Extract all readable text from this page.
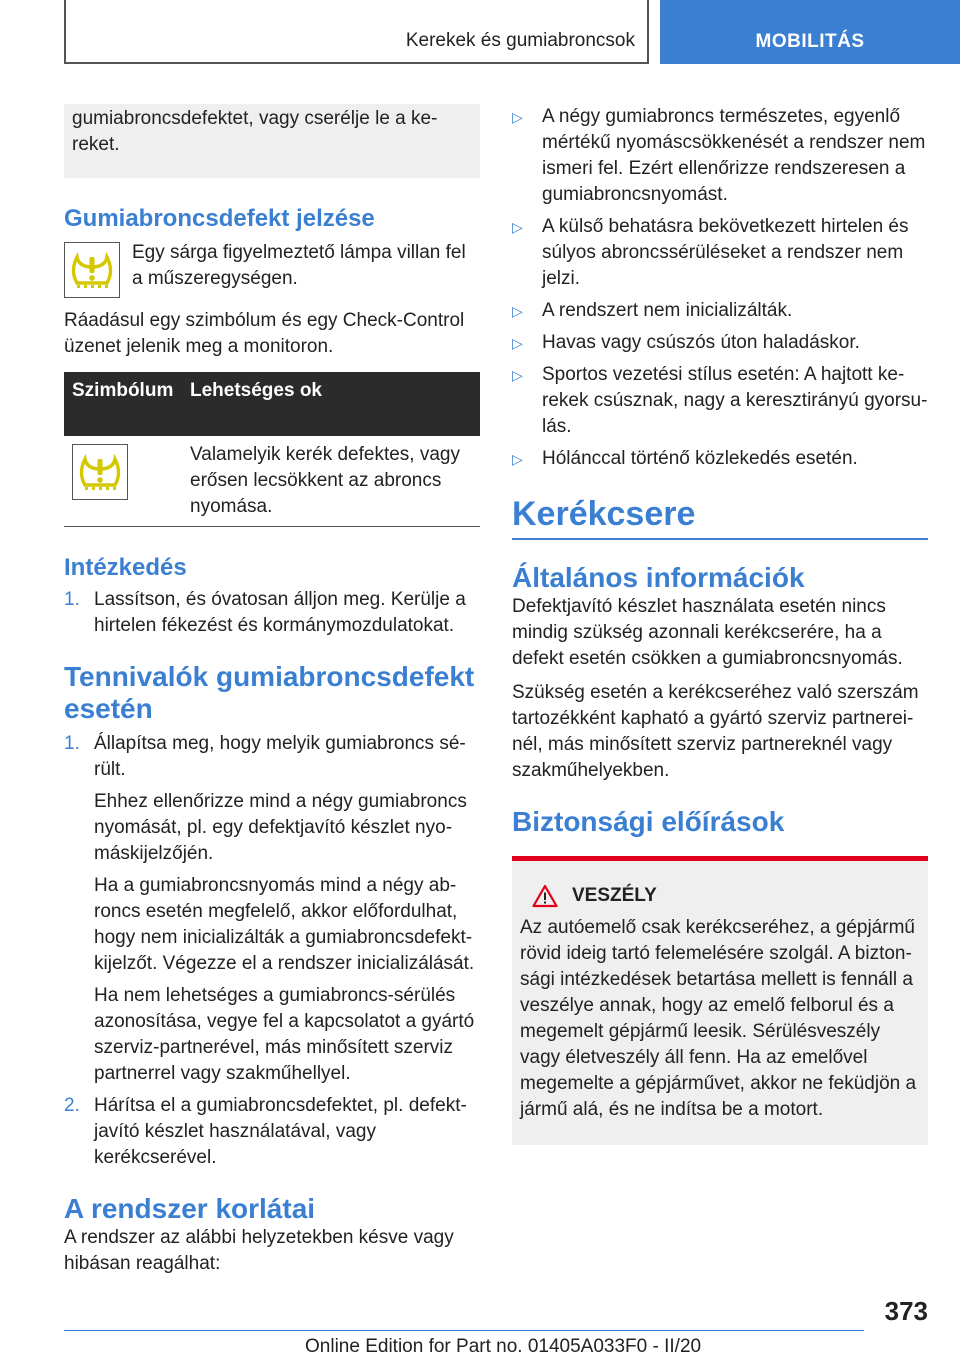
Kerekek és gumiabroncsok	MOBILITÁS

gumiabroncsdefektet, vagy cserélje le a kereket.

Gumiabroncsdefekt jelzése

Egy sárga figyelmeztető lámpa villan fel a műszeregységen.

Ráadásul egy szimbólum és egy Check-Control üzenet jelenik meg a monitoron.

Szimbólum	Lehetséges ok

	Valamelyik kerék defektes, vagy erősen lecsökkent az abroncs nyomása.
Intézkedés
1. Lassítson, és óvatosan álljon meg. Kerülje a hirtelen fékezést és kormánymozdulatokat.

Tennivalók gumiabroncsdefekt esetén
1. Állapítsa meg, hogy melyik gumiabroncs sérült.

Ehhez ellenőrizze mind a négy gumiabroncs nyomását, pl. egy defektjavító készlet nyomáskijelzőjén.

Ha a gumiabroncsnyomás mind a négy abroncs esetén megfelelő, akkor előfordulhat, hogy nem inicializálták a gumiabroncsdefektkijelzőt. Végezze el a rendszer inicializálását.

Ha nem lehetséges a gumiabroncs-sérülés azonosítása, vegye fel a kapcsolatot a gyártó szerviz-partnerével, más minősített szerviz partnerrel vagy szakműhellyel.

2. Hárítsa el a gumiabroncsdefektet, pl. defektjavító készlet használatával, vagy kerékcserével.

A rendszer korlátai

A rendszer az alábbi helyzetekben késve vagy hibásan reagálhat:

▷ A négy gumiabroncs természetes, egyenlő mértékű nyomáscsökkenését a rendszer nem ismeri fel. Ezért ellenőrizze rendszeresen a gumiabroncsnyomást.

▷ A külső behatásra bekövetkezett hirtelen és súlyos abroncssérüléseket a rendszer nem jelzi.

▷ A rendszert nem inicializálták.

▷ Havas vagy csúszós úton haladáskor.

▷ Sportos vezetési stílus esetén: A hajtott kerekek csúsznak, nagy a keresztirányú gyorsulás.

▷ Hólánccal történő közlekedés esetén.

Kerékcsere
Általános információk

Defektjavító készlet használata esetén nincs mindig szükség azonnali kerékcserére, ha a defekt esetén csökken a gumiabroncsnyomás.

Szükség esetén a kerékcseréhez való szerszám tartozékként kapható a gyártó szerviz partnereinél, más minősített szerviz partnereknél vagy szakműhelyekben.

Biztonsági előírások
VESZÉLY

Az autóemelő csak kerékcseréhez, a gépjármű rövid ideig tartó felemelésére szolgál. A biztonsági intézkedések betartása mellett is fennáll a veszélye annak, hogy az emelő felborul és a megemelt gépjármű leesik. Sérülésveszély vagy életveszély áll fenn. Ha az emelővel megemelte a gépjárművet, akkor ne feküdjön a jármű alá, és ne indítsa be a motort.

373
Online Edition for Part no. 01405A033F0 - II/20
